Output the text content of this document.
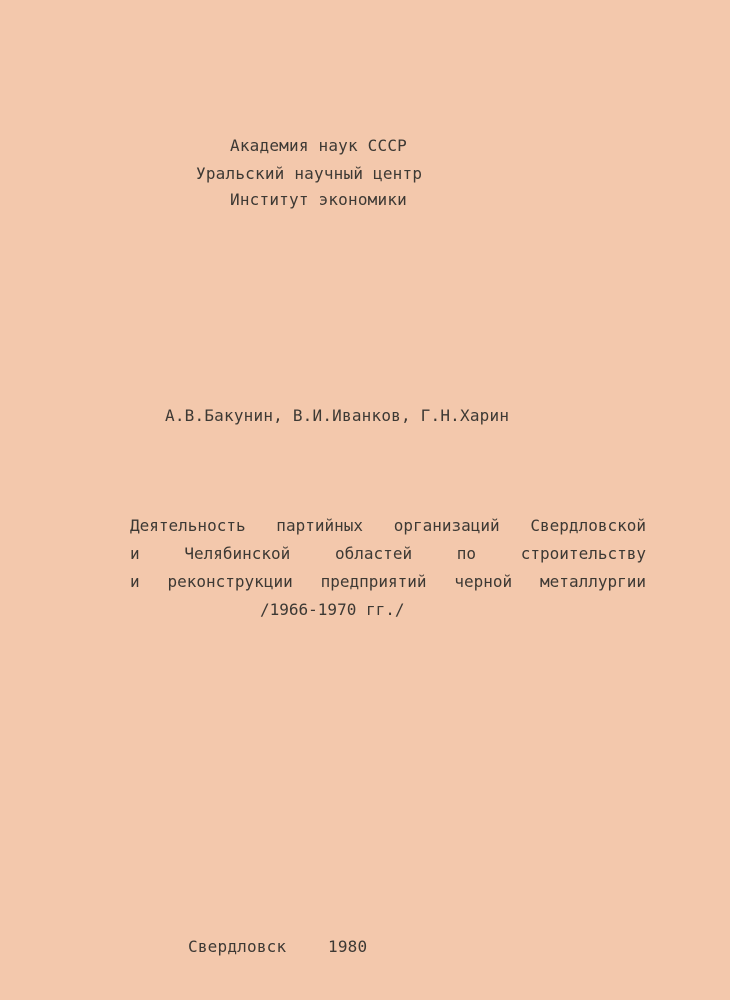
Академия наук СССР
Уральский научный центр
Институт экономики
А.В.Бакунин, В.И.Иванков, Г.Н.Харин
Деятельность партийных организаций Свердловской
и Челябинской областей по строительству
и реконструкции предприятий черной металлургии
/1966-1970 гг./
Свердловск	1980
